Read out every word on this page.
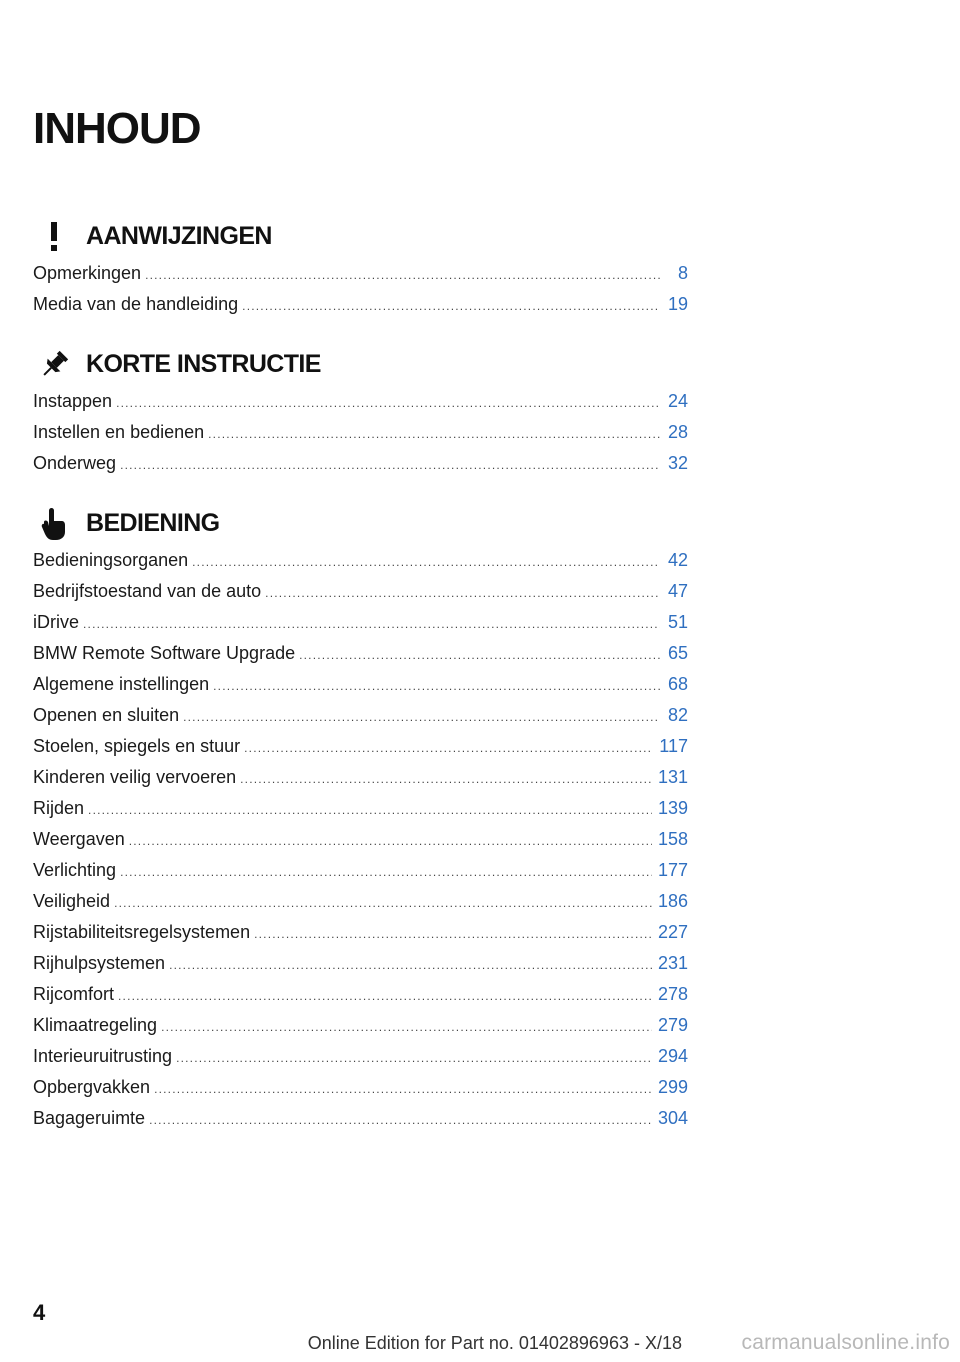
INHOUD
AANWIJZINGEN
Opmerkingen .....	8
Media van de handleiding .....	19
KORTE INSTRUCTIE
Instappen .....	24
Instellen en bedienen .....	28
Onderweg .....	32
BEDIENING
Bedieningsorganen .....	42
Bedrijfstoestand van de auto .....	47
iDrive .....	51
BMW Remote Software Upgrade .....	65
Algemene instellingen .....	68
Openen en sluiten .....	82
Stoelen, spiegels en stuur .....	117
Kinderen veilig vervoeren .....	131
Rijden .....	139
Weergaven .....	158
Verlichting .....	177
Veiligheid .....	186
Rijstabiliteitsregelsystemen .....	227
Rijhulpsystemen .....	231
Rijcomfort .....	278
Klimaatregeling .....	279
Interieuruitrusting .....	294
Opbergvakken .....	299
Bagageruimte .....	304
4
Online Edition for Part no. 01402896963 - X/18	carmanualsonline.info
